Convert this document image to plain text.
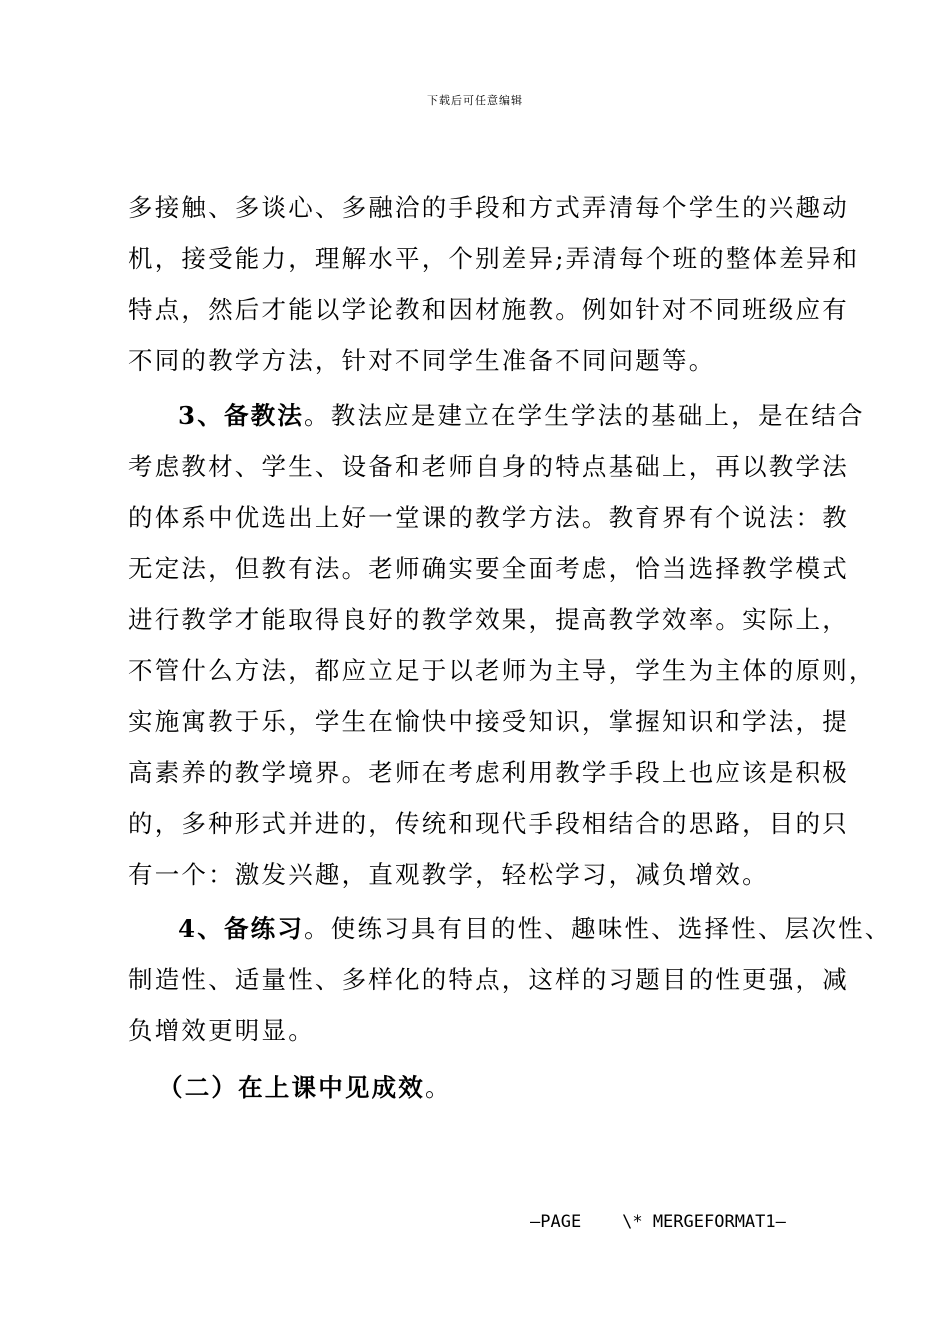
下载后可任意编辑
多接触、多谈心、多融洽的手段和方式弄清每个学生的兴趣动
机，接受能力，理解水平，个别差异;弄清每个班的整体差异和
特点，然后才能以学论教和因材施教。例如针对不同班级应有
不同的教学方法，针对不同学生准备不同问题等。
3、备教法。教法应是建立在学生学法的基础上，是在结合
考虑教材、学生、设备和老师自身的特点基础上，再以教学法
的体系中优选出上好一堂课的教学方法。教育界有个说法：教
无定法，但教有法。老师确实要全面考虑，恰当选择教学模式
进行教学才能取得良好的教学效果，提高教学效率。实际上，
不管什么方法，都应立足于以老师为主导，学生为主体的原则，
实施寓教于乐，学生在愉快中接受知识，掌握知识和学法，提
高素养的教学境界。老师在考虑利用教学手段上也应该是积极
的，多种形式并进的，传统和现代手段相结合的思路，目的只
有一个：激发兴趣，直观教学，轻松学习，减负增效。
4、备练习。使练习具有目的性、趣味性、选择性、层次性、
制造性、适量性、多样化的特点，这样的习题目的性更强，减
负增效更明显。
（二）在上课中见成效。
—PAGE    \* MERGEFORMAT1—
